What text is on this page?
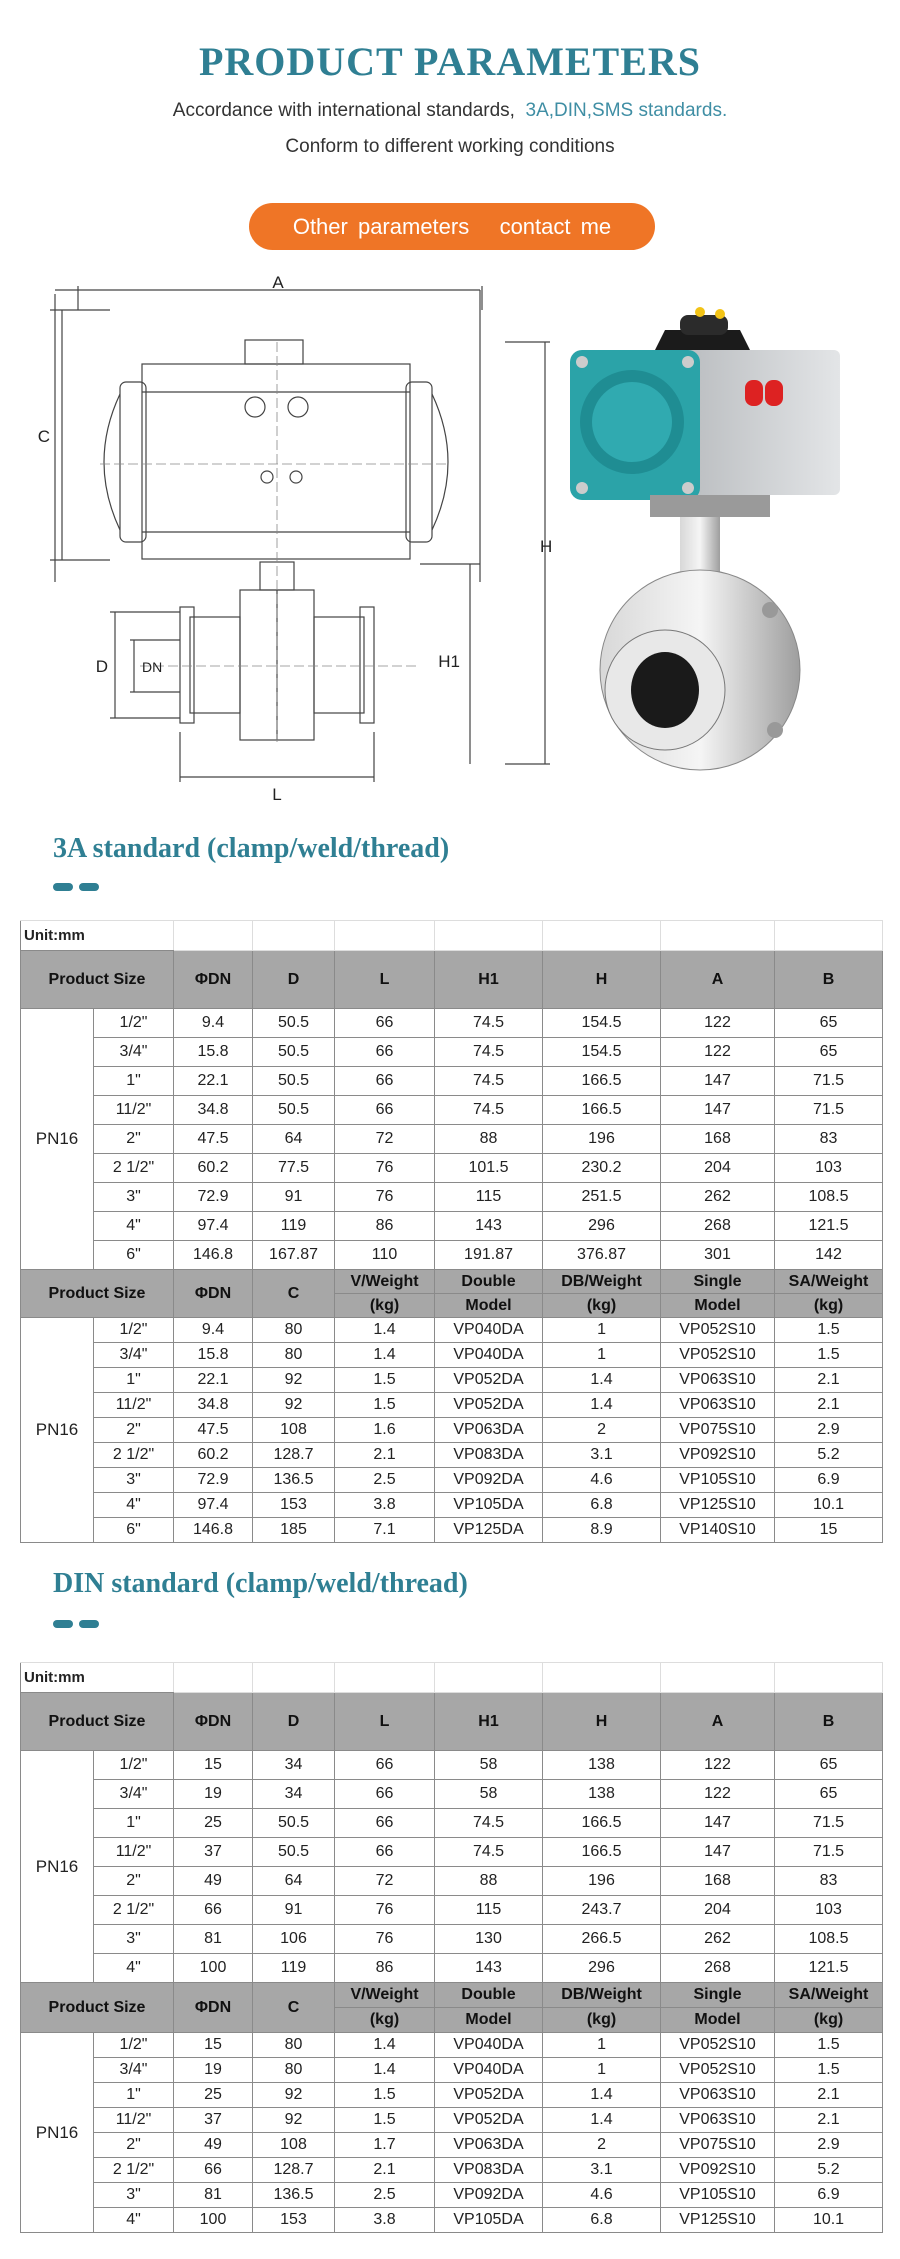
PRODUCT PARAMETERS
Accordance with international standards, 3A,DIN,SMS standards.
Conform to different working conditions
Other parameters   contact me
A
C
H
H1
D DN
L
3A standard (clamp/weld/thread)
Unit:mm								
Product Size		ΦDN	D	L	H1	H	A	B
PN16	1/2"	9.4	50.5	66	74.5	154.5	122	65
	3/4"	15.8	50.5	66	74.5	154.5	122	65
	1"	22.1	50.5	66	74.5	166.5	147	71.5
	11/2"	34.8	50.5	66	74.5	166.5	147	71.5
	2"	47.5	64	72	88	196	168	83
	2 1/2"	60.2	77.5	76	101.5	230.2	204	103
	3"	72.9	91	76	115	251.5	262	108.5
	4"	97.4	119	86	143	296	268	121.5
	6"	146.8	167.87	110	191.87	376.87	301	142
Product Size		ΦDN	C	V/Weight	Double	DB/Weight	Single	SA/Weight
				(kg)	Model	(kg)	Model	(kg)
PN16	1/2"	9.4	80	1.4	VP040DA	1	VP052S10	1.5
	3/4"	15.8	80	1.4	VP040DA	1	VP052S10	1.5
	1"	22.1	92	1.5	VP052DA	1.4	VP063S10	2.1
	11/2"	34.8	92	1.5	VP052DA	1.4	VP063S10	2.1
	2"	47.5	108	1.6	VP063DA	2	VP075S10	2.9
	2 1/2"	60.2	128.7	2.1	VP083DA	3.1	VP092S10	5.2
	3"	72.9	136.5	2.5	VP092DA	4.6	VP105S10	6.9
	4"	97.4	153	3.8	VP105DA	6.8	VP125S10	10.1
	6"	146.8	185	7.1	VP125DA	8.9	VP140S10	15
DIN standard (clamp/weld/thread)
Unit:mm								
Product Size		ΦDN	D	L	H1	H	A	B
PN16	1/2"	15	34	66	58	138	122	65
	3/4"	19	34	66	58	138	122	65
	1"	25	50.5	66	74.5	166.5	147	71.5
	11/2"	37	50.5	66	74.5	166.5	147	71.5
	2"	49	64	72	88	196	168	83
	2 1/2"	66	91	76	115	243.7	204	103
	3"	81	106	76	130	266.5	262	108.5
	4"	100	119	86	143	296	268	121.5
Product Size		ΦDN	C	V/Weight	Double	DB/Weight	Single	SA/Weight
				(kg)	Model	(kg)	Model	(kg)
PN16	1/2"	15	80	1.4	VP040DA	1	VP052S10	1.5
	3/4"	19	80	1.4	VP040DA	1	VP052S10	1.5
	1"	25	92	1.5	VP052DA	1.4	VP063S10	2.1
	11/2"	37	92	1.5	VP052DA	1.4	VP063S10	2.1
	2"	49	108	1.7	VP063DA	2	VP075S10	2.9
	2 1/2"	66	128.7	2.1	VP083DA	3.1	VP092S10	5.2
	3"	81	136.5	2.5	VP092DA	4.6	VP105S10	6.9
	4"	100	153	3.8	VP105DA	6.8	VP125S10	10.1
